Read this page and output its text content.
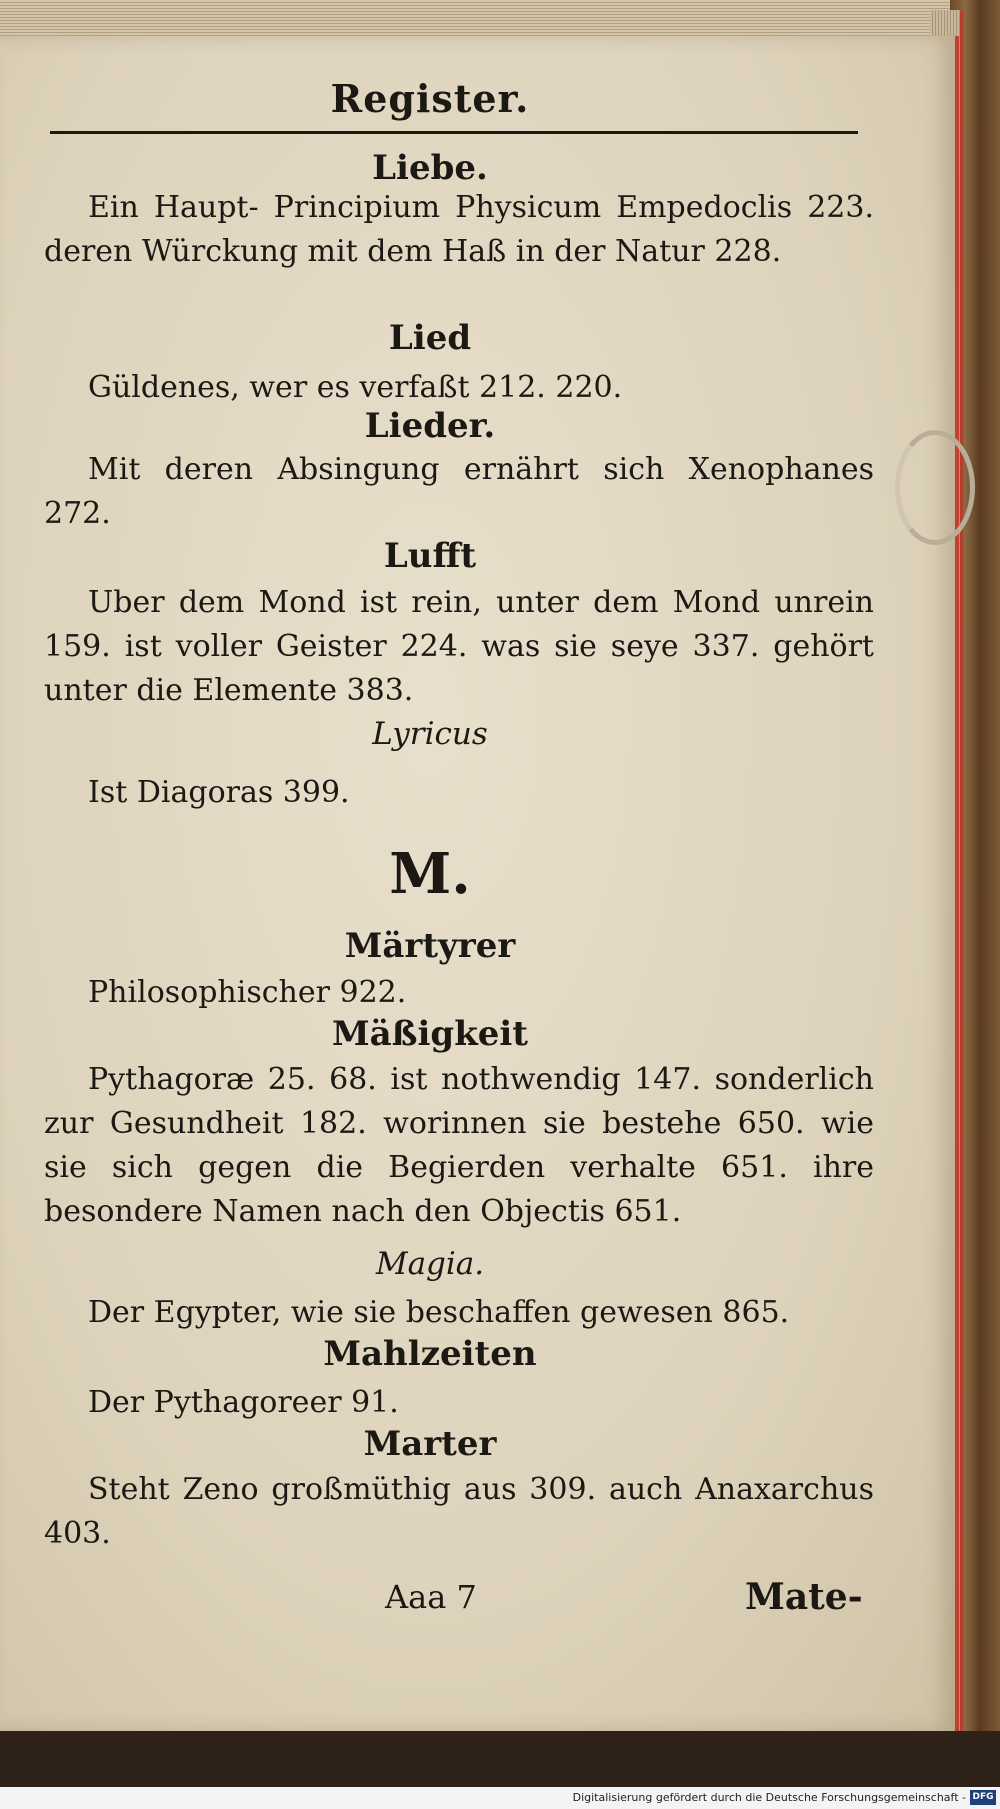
Register.
Liebe.
Ein Haupt- Principium Physicum Empedoclis 223. deren Würckung mit dem Haß in der Natur 228.
Lied
Güldenes, wer es verfaßt 212. 220.
Lieder.
Mit deren Absingung ernährt sich Xenophanes 272.
Lufft
Uber dem Mond ist rein, unter dem Mond unrein 159. ist voller Geister 224. was sie seye 337. gehört unter die Elemente 383.
Lyricus
Ist Diagoras 399.
M.
Märtyrer
Philosophischer 922.
Mäßigkeit
Pythagoræ 25. 68. ist nothwendig 147. sonderlich zur Gesundheit 182. worinnen sie bestehe 650. wie sie sich gegen die Begierden verhalte 651. ihre besondere Namen nach den Objectis 651.
Magia.
Der Egypter, wie sie beschaffen gewesen 865.
Mahlzeiten
Der Pythagoreer 91.
Marter
Steht Zeno großmüthig aus 309. auch Anaxarchus 403.
Aaa 7	Mate-
Digitalisierung gefördert durch die Deutsche Forschungsgemeinschaft - DFG
